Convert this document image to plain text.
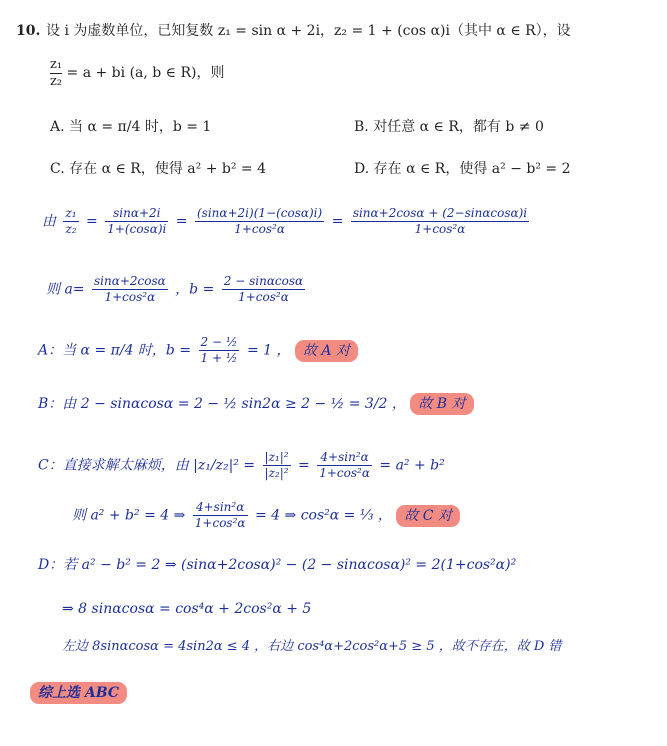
10. 设 i 为虚数单位，已知复数 z₁ = sin α + 2i，z₂ = 1 + (cos α)i（其中 α ∈ R），设
$\frac{\text{z₁}}{\text{z₂}} = a$ + bi (a, b ∈ R)，则
A. 当 α = π/4 时，b = 1	B. 对任意 α ∈ R，都有 b ≠ 0
C. 存在 α ∈ R，使得 a² + b² = 4	D. 存在 α ∈ R，使得 a² − b² = 2
由 $\frac{\text{z₁}}{\text{z₂}} = \frac{\sin\alpha+2i}{1+(\cos\alpha)i} = \frac{(\sin\alpha+2i)(1-(\cos\alpha)i)}{\text{1+cos²α}} = \frac{\sin\alpha+2\cos\alpha + (2-\sin\alpha\cos\alpha)i}{\text{1+cos²α}}$
则 $a= \frac{\sin\alpha+2\cos\alpha}{\text{1+cos²α}}$ ，$b = \frac{2 - \sin\alpha\cos\alpha}{\text{1+cos²α}}$
A：当 α = π/4 时，$b = \frac{\text{2 − ½}}{\text{1 + ½}} = 1$ ， 故 A 对
B：由 2 − sinαcosα = 2 − ½ sin2α ≥ 2 − ½ = 3/2 ， 故 B 对
C：直接求解太麻烦，由 $|z_1/z_2|^2 = \frac{\text{|z₁|²}}{\text{|z₂|²}} = \frac{\text{4+sin²α}}{\text{1+cos²α}} = a^2 + b^2$
则 a² + b² = 4 ⇒ $\frac{\text{4+sin²α}}{\text{1+cos²α}} = 4$ ⇒ cos²α = ⅓ ， 故 C 对
D：若 a² − b² = 2 ⇒ (sinα+2cosα)² − (2 − sinαcosα)² = 2(1+cos²α)²
⇒ 8 sinαcosα = cos⁴α + 2cos²α + 5
左边 8sinαcosα = 4sin2α ≤ 4 ，右边 cos⁴α+2cos²α+5 ≥ 5 ，故不存在，故 D 错
综上选 ABC
